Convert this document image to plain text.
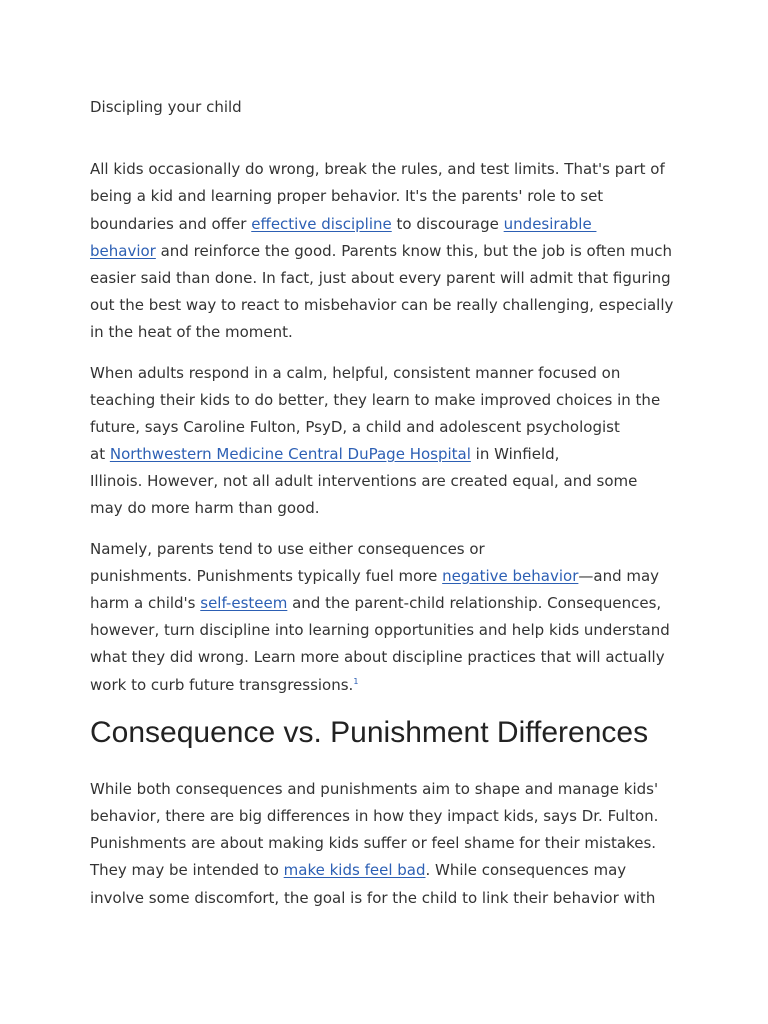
Discipling your child
All kids occasionally do wrong, break the rules, and test limits. That's part of
being a kid and learning proper behavior. It's the parents' role to set
boundaries and offer effective discipline to discourage undesirable
behavior and reinforce the good. Parents know this, but the job is often much
easier said than done. In fact, just about every parent will admit that figuring
out the best way to react to misbehavior can be really challenging, especially
in the heat of the moment.
When adults respond in a calm, helpful, consistent manner focused on
teaching their kids to do better, they learn to make improved choices in the
future, says Caroline Fulton, PsyD, a child and adolescent psychologist
at Northwestern Medicine Central DuPage Hospital in Winfield,
Illinois. However, not all adult interventions are created equal, and some
may do more harm than good.
Namely, parents tend to use either consequences or
punishments. Punishments typically fuel more negative behavior—and may
harm a child's self-esteem and the parent-child relationship. Consequences,
however, turn discipline into learning opportunities and help kids understand
what they did wrong. Learn more about discipline practices that will actually
work to curb future transgressions.$^1$
Consequence vs. Punishment Differences
While both consequences and punishments aim to shape and manage kids'
behavior, there are big differences in how they impact kids, says Dr. Fulton.
Punishments are about making kids suffer or feel shame for their mistakes.
They may be intended to make kids feel bad. While consequences may
involve some discomfort, the goal is for the child to link their behavior with
